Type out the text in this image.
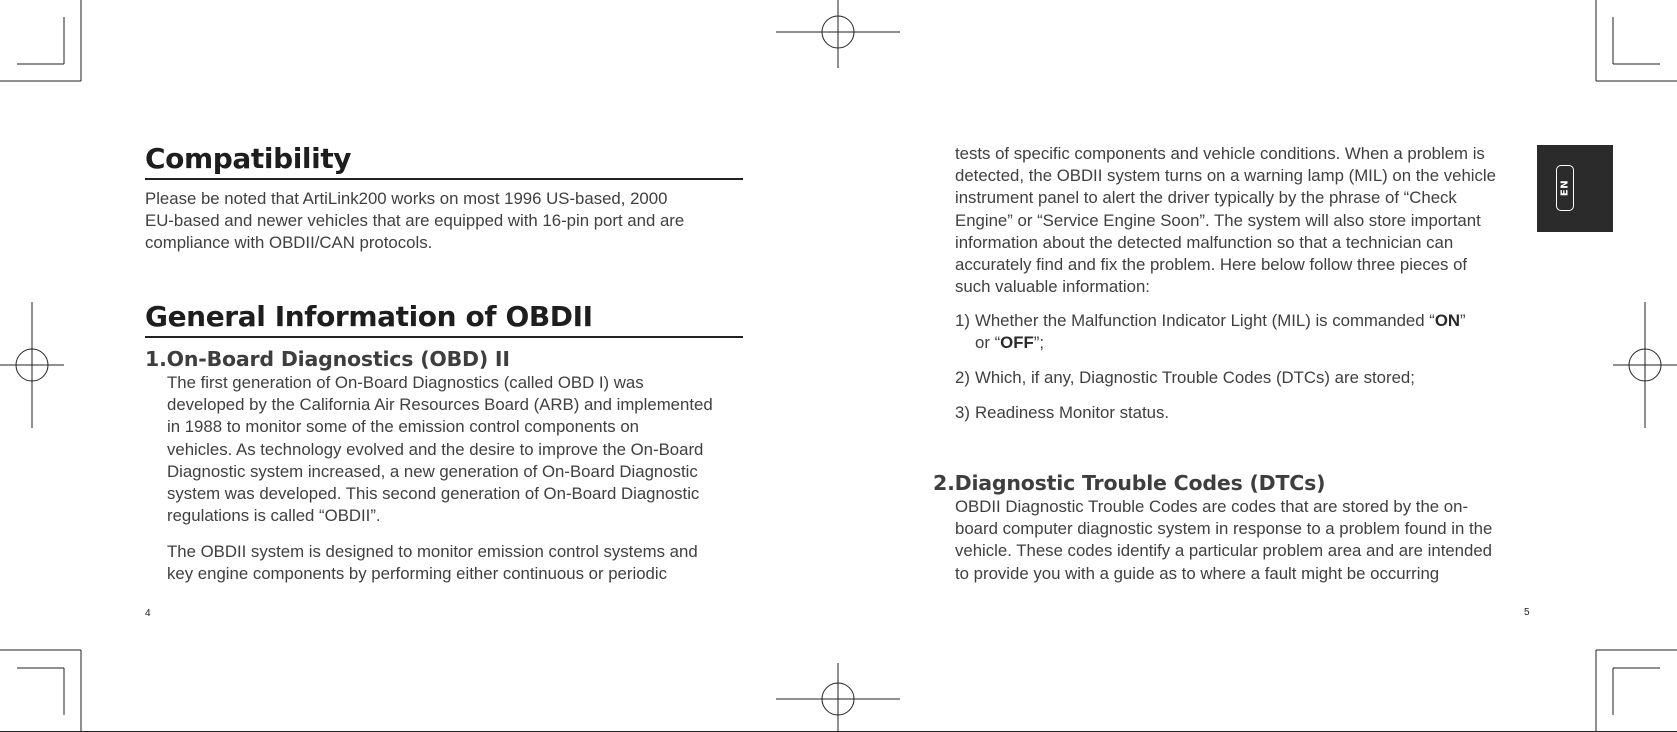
Compatibility

Please be noted that ArtiLink200 works on most 1996 US-based, 2000
EU-based and newer vehicles that are equipped with 16-pin port and are
compliance with OBDII/CAN protocols.

General Information of OBDII
1.On-Board Diagnostics (OBD) II

The first generation of On-Board Diagnostics (called OBD I) was
developed by the California Air Resources Board (ARB) and implemented
in 1988 to monitor some of the emission control components on
vehicles. As technology evolved and the desire to improve the On-Board
Diagnostic system increased, a new generation of On-Board Diagnostic
system was developed. This second generation of On-Board Diagnostic
regulations is called “OBDII”.

The OBDII system is designed to monitor emission control systems and
key engine components by performing either continuous or periodic

4

tests of specific components and vehicle conditions. When a problem is
detected, the OBDII system turns on a warning lamp (MIL) on the vehicle
instrument panel to alert the driver typically by the phrase of “Check
Engine” or “Service Engine Soon”. The system will also store important
information about the detected malfunction so that a technician can
accurately find and fix the problem. Here below follow three pieces of
such valuable information:

1) Whether the Malfunction Indicator Light (MIL) is commanded “ON”
or “OFF”;

2) Which, if any, Diagnostic Trouble Codes (DTCs) are stored;

3) Readiness Monitor status.

2.Diagnostic Trouble Codes (DTCs)

OBDII Diagnostic Trouble Codes are codes that are stored by the on-
board computer diagnostic system in response to a problem found in the
vehicle. These codes identify a particular problem area and are intended
to provide you with a guide as to where a fault might be occurring

5
EN
